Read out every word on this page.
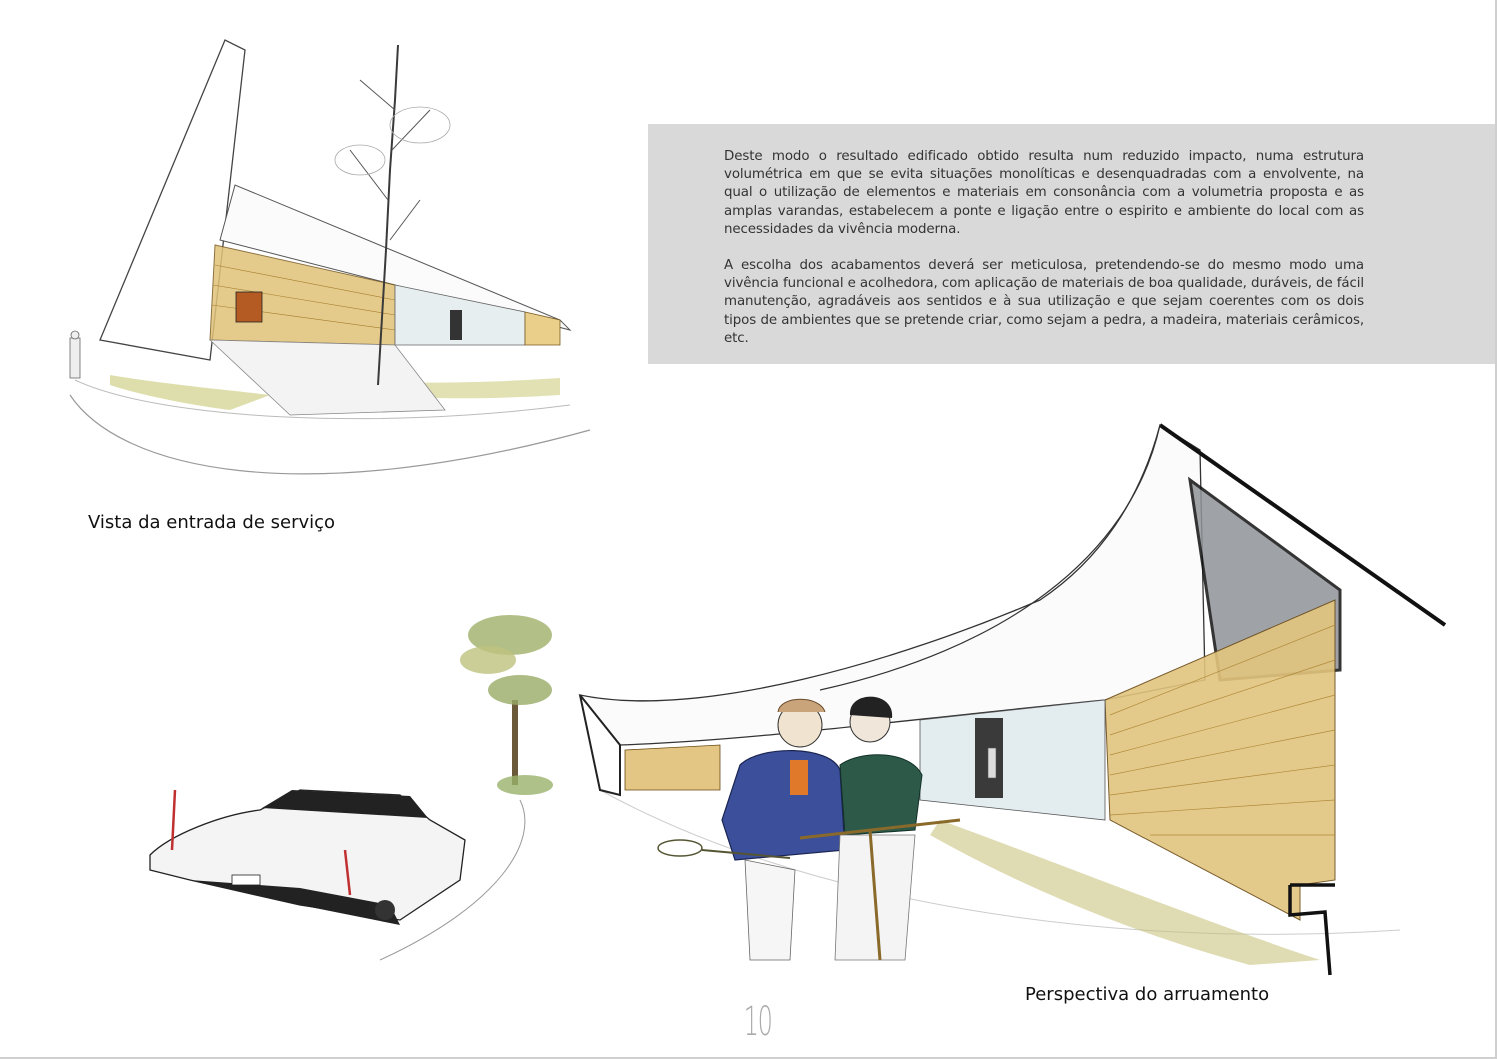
Deste modo o resultado edificado obtido resulta num reduzido impacto, numa estrutura volumétrica em que se evita situações monolíticas e desenquadradas com a envolvente, na qual o utilização de elementos e materiais em consonância com a volumetria proposta e as amplas varandas, estabelecem a ponte e ligação entre o espirito e ambiente do local com as necessidades da vivência moderna.

A escolha dos acabamentos deverá ser meticulosa, pretendendo-se do mesmo modo uma vivência funcional e acolhedora, com aplicação de materiais de boa qualidade, duráveis, de fácil manutenção, agradáveis aos sentidos e à sua utilização e que sejam coerentes com os dois tipos de ambientes que se pretende criar, como sejam a pedra, a madeira, materiais cerâmicos, etc.

Vista da entrada de serviço
Perspectiva do arruamento
10
